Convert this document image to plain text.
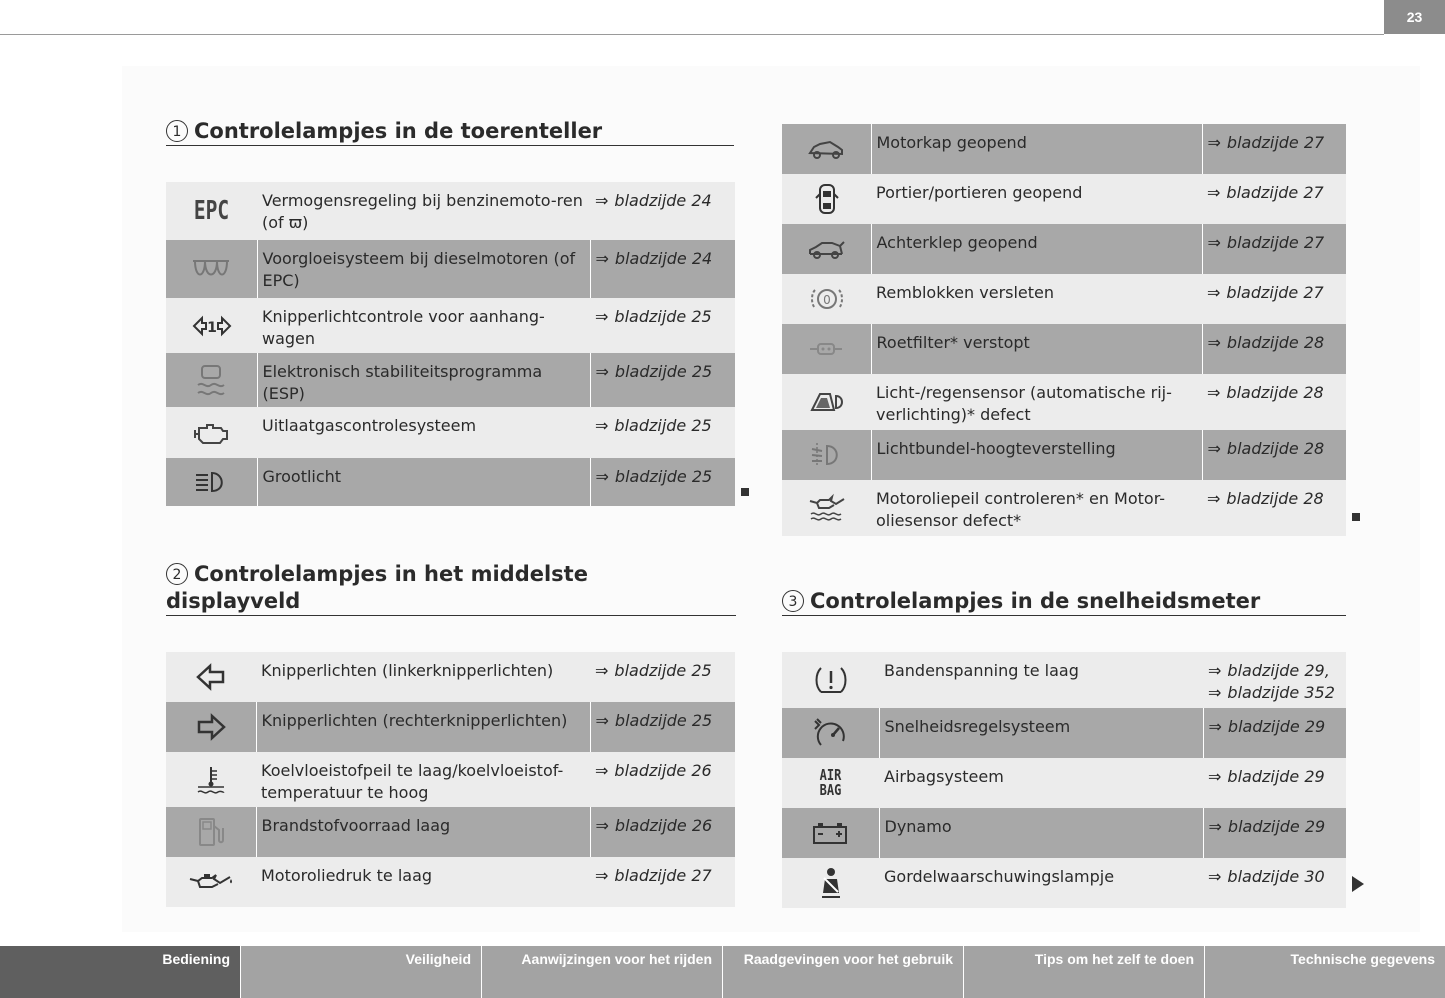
23
1 Controlelampjes in de toerenteller
EPC	Vermogensregeling bij benzinemoto-ren (of ϖ)	⇒ bladzijde 24

	Voorgloeisysteem bij dieselmotoren (of EPC)	⇒ bladzijde 24

1	Knipperlichtcontrole voor aanhang-wagen	⇒ bladzijde 25

	Elektronisch stabiliteitsprogramma (ESP)	⇒ bladzijde 25

	Uitlaatgascontrolesysteem	⇒ bladzijde 25

	Grootlicht	⇒ bladzijde 25
2 Controlelampjes in het middelste
displayveld
	Knipperlichten (linkerknipperlichten)	⇒ bladzijde 25

	Knipperlichten (rechterknipperlichten)	⇒ bladzijde 25

	Koelvloeistofpeil te laag/koelvloeistof-temperatuur te hoog	⇒ bladzijde 26

	Brandstofvoorraad laag	⇒ bladzijde 26

	Motoroliedruk te laag	⇒ bladzijde 27
	Motorkap geopend	⇒ bladzijde 27

	Portier/portieren geopend	⇒ bladzijde 27

	Achterklep geopend	⇒ bladzijde 27

0	Remblokken versleten	⇒ bladzijde 27

	Roetfilter* verstopt	⇒ bladzijde 28

	Licht-/regensensor (automatische rij-verlichting)* defect	⇒ bladzijde 28

	Lichtbundel-hoogteverstelling	⇒ bladzijde 28

	Motoroliepeil controleren* en Motor-oliesensor defect*	⇒ bladzijde 28
3 Controlelampjes in de snelheidsmeter
	Bandenspanning te laag	⇒ bladzijde 29,
⇒ bladzijde 352

	Snelheidsregelsysteem	⇒ bladzijde 29

AIR
BAG	Airbagsysteem	⇒ bladzijde 29

	Dynamo	⇒ bladzijde 29

	Gordelwaarschuwingslampje	⇒ bladzijde 30
Bediening	Veiligheid	Aanwijzingen voor het rijden	Raadgevingen voor het gebruik	Tips om het zelf te doen	Technische gegevens
